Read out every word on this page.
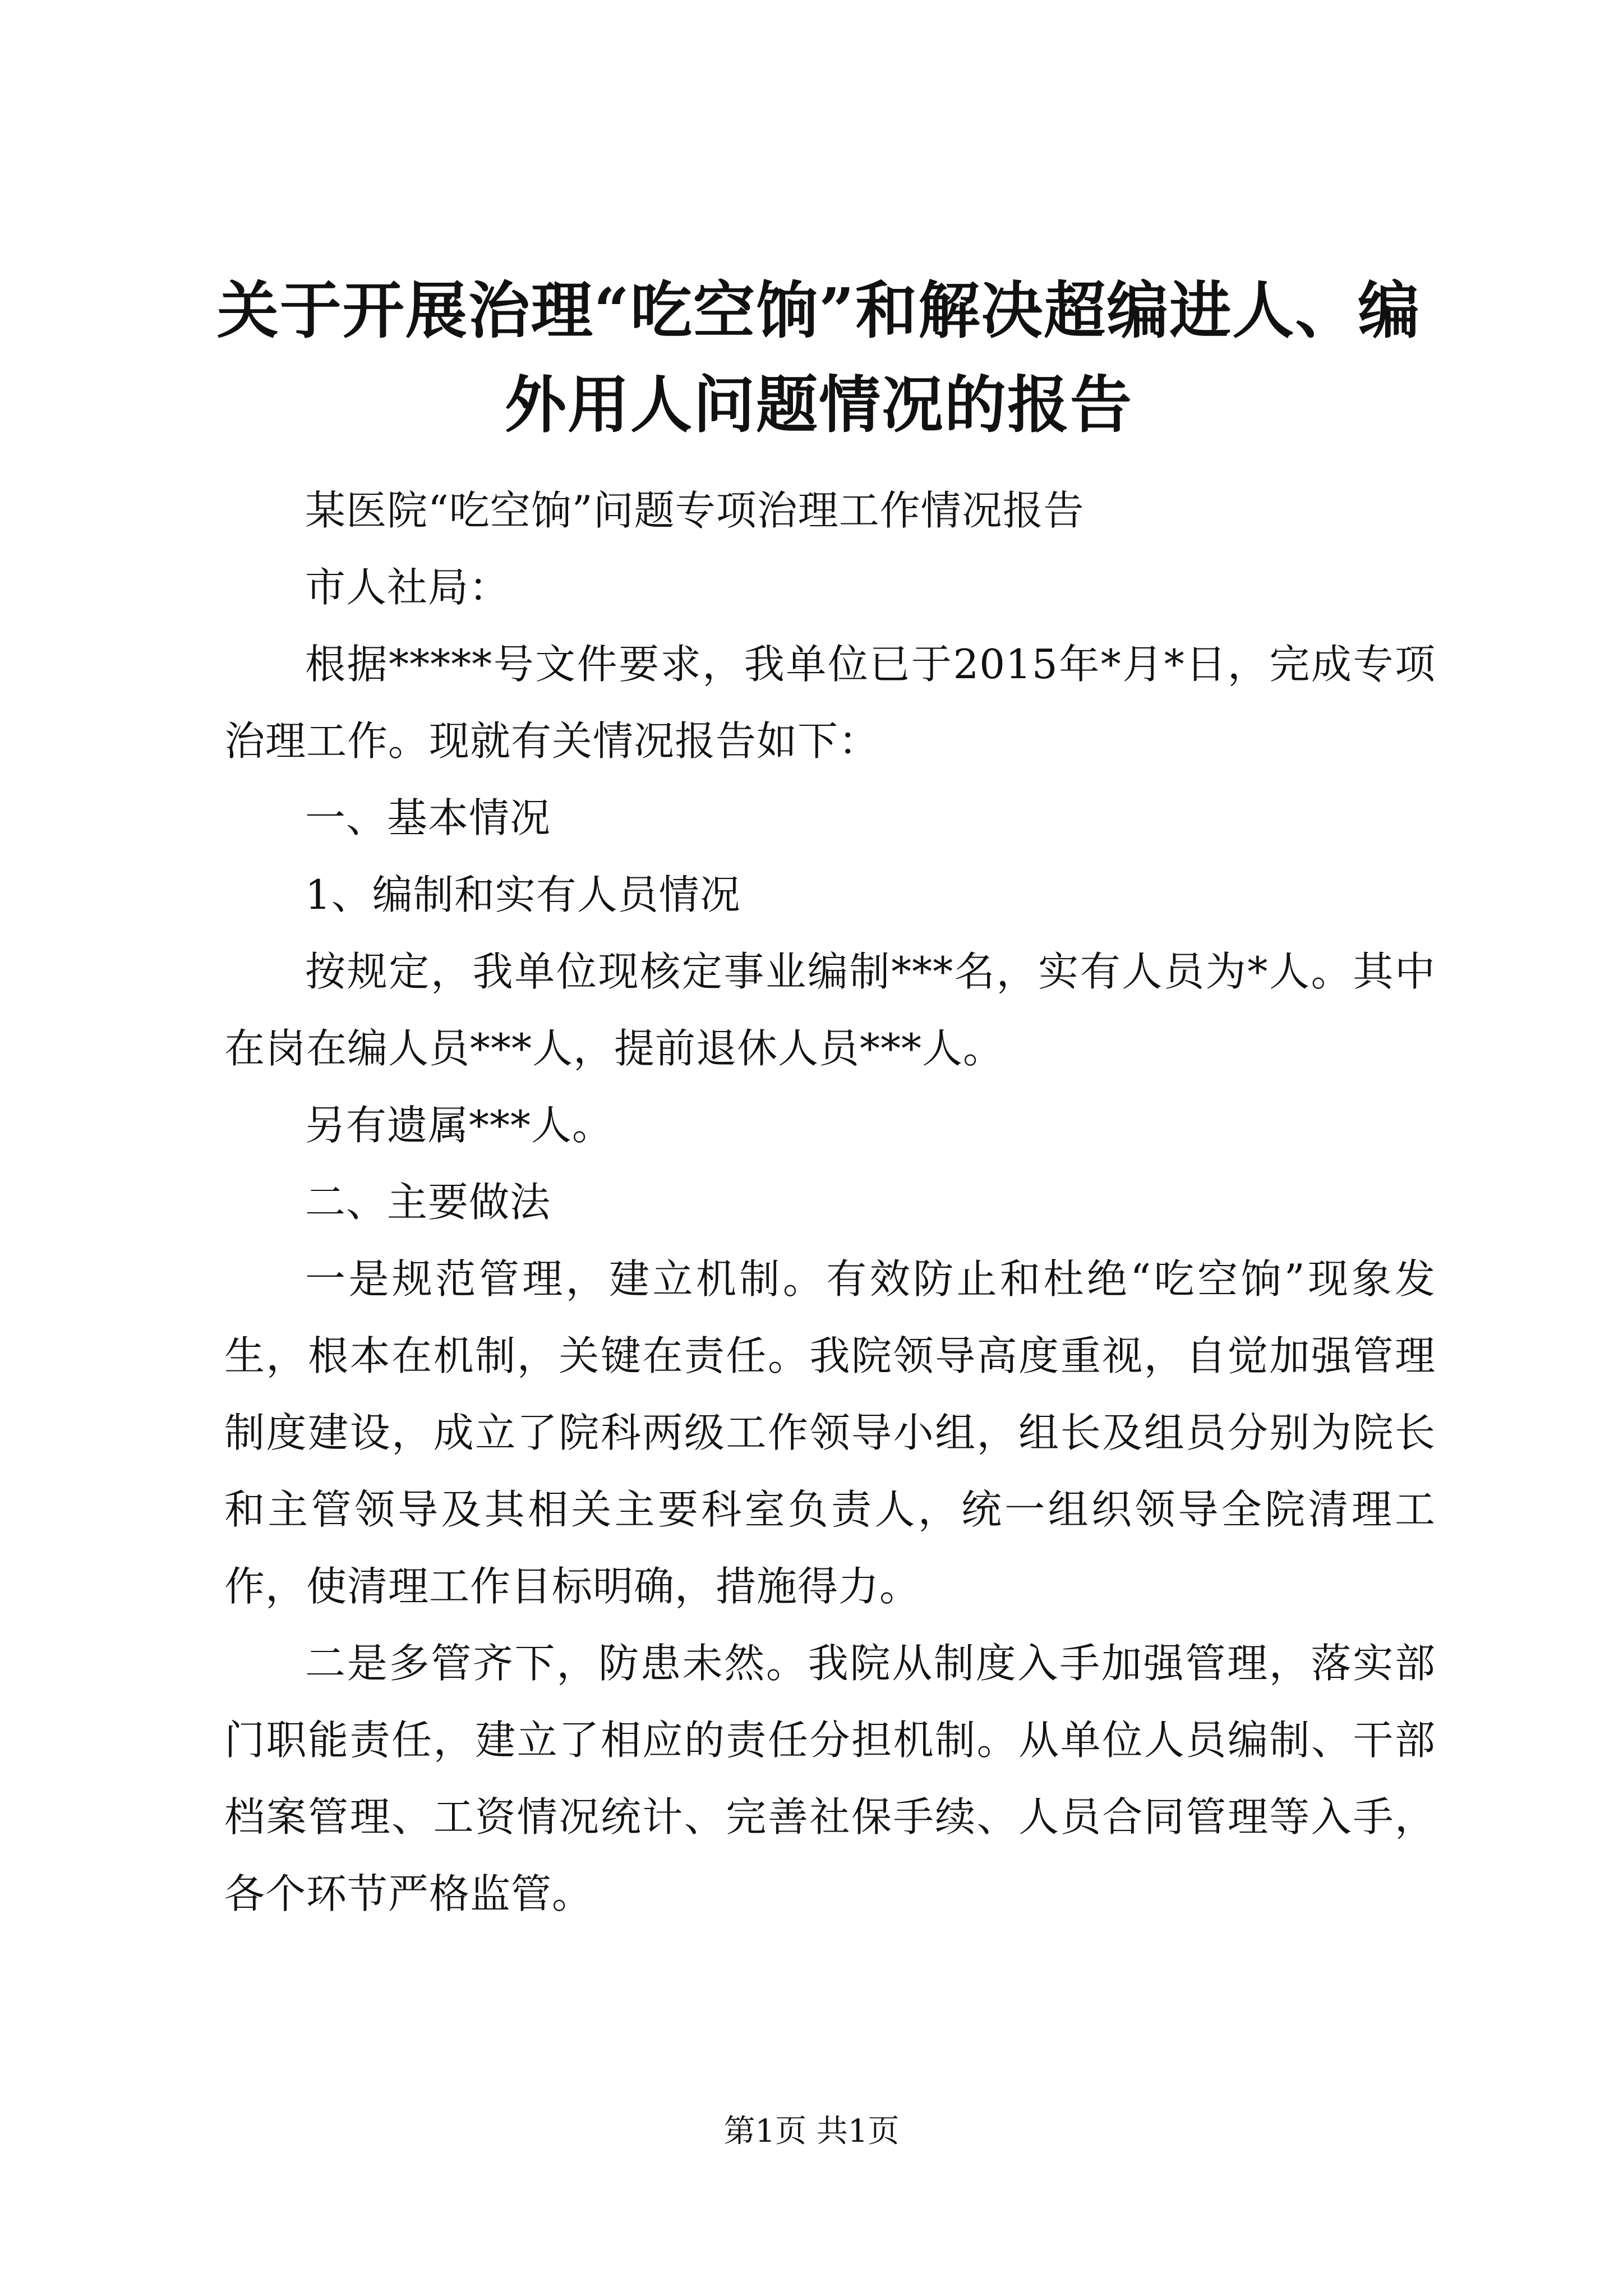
关于开展治理“吃空饷”和解决超编进人、编外用人问题情况的报告

某医院“吃空饷”问题专项治理工作情况报告

市人社局：

根据*****号文件要求，我单位已于2015年*月*日，完成专项治理工作。现就有关情况报告如下：

一、基本情况

1、编制和实有人员情况

按规定，我单位现核定事业编制***名，实有人员为*人。其中在岗在编人员***人，提前退休人员***人。

另有遗属***人。

二、主要做法

一是规范管理，建立机制。有效防止和杜绝“吃空饷”现象发生，根本在机制，关键在责任。我院领导高度重视，自觉加强管理制度建设，成立了院科两级工作领导小组，组长及组员分别为院长和主管领导及其相关主要科室负责人，统一组织领导全院清理工作，使清理工作目标明确，措施得力。

二是多管齐下，防患未然。我院从制度入手加强管理，落实部门职能责任，建立了相应的责任分担机制。从单位人员编制、干部档案管理、工资情况统计、完善社保手续、人员合同管理等入手，各个环节严格监管。

第1页 共1页
